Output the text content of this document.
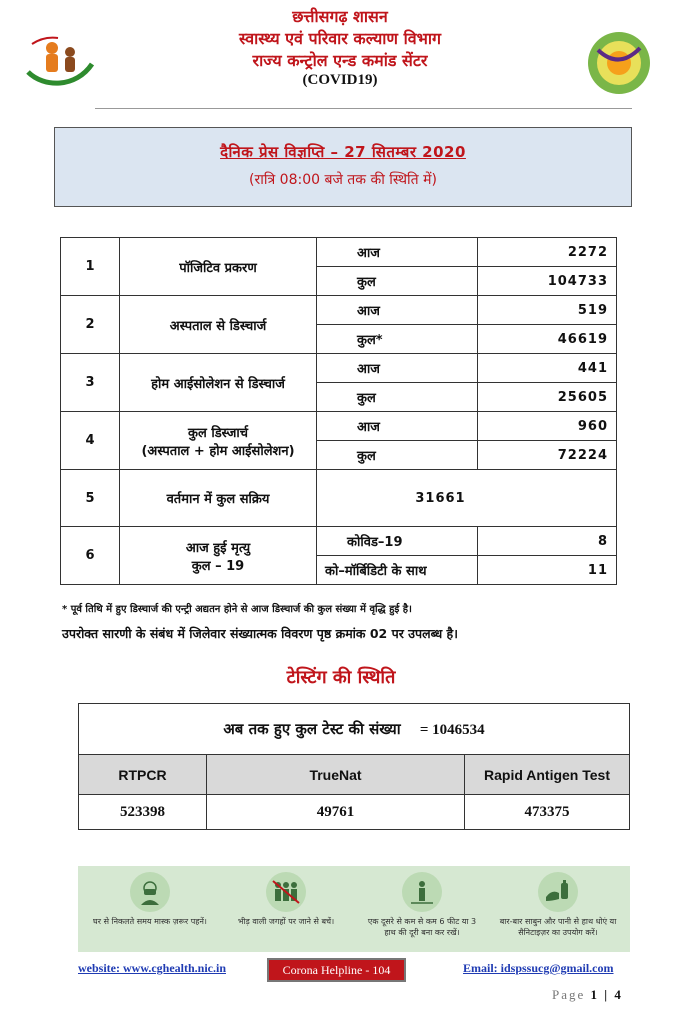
छत्तीसगढ़ शासन
स्वास्थ्य एवं परिवार कल्याण विभाग
राज्य कन्ट्रोल एन्ड कमांड सेंटर
(COVID19)
दैनिक प्रेस विज्ञप्ति – 27 सितम्बर 2020
(रात्रि 08:00 बजे तक की स्थिति में)
1	पॉजिटिव प्रकरण	आज	2272
		कुल	104733
2	अस्पताल से डिस्चार्ज	आज	519
		कुल*	46619
3	होम आईसोलेशन से डिस्चार्ज	आज	441
		कुल	25605
4	कुल डिस्जार्च
(अस्पताल + होम आईसोलेशन)	आज	960
		कुल	72224
5	वर्तमान में कुल सक्रिय	31661	
6	आज हुई मृत्यु
कुल – 19	कोविड–19	8
		को–मॉर्बिडिटी के साथ	11
* पूर्व तिथि में हुए डिस्चार्ज की एन्ट्री अद्यतन होने से आज डिस्चार्ज की कुल संख्या में वृद्धि हुई है।
उपरोक्त सारणी के संबंध में जिलेवार संख्यात्मक विवरण पृष्ठ क्रमांक 02 पर उपलब्ध है।
टेस्टिंग की स्थिति
अब तक हुए कुल टेस्ट की संख्या = 1046534		
RTPCR	TrueNat	Rapid Antigen Test
523398	49761	473375
घर से निकलते समय मास्क ज़रूर पहनें।	भीड़ वाली जगहों पर जाने से बचें।	एक दूसरे से कम से कम 6 फीट या 3 हाथ की दूरी बना कर रखें।
बार-बार साबुन और पानी से हाथ धोएं या सैनिटाइज़र का उपयोग करें।
website: www.cghealth.nic.in	Corona Helpline - 104	Email: idspssucg@gmail.com
Page 1 | 4
